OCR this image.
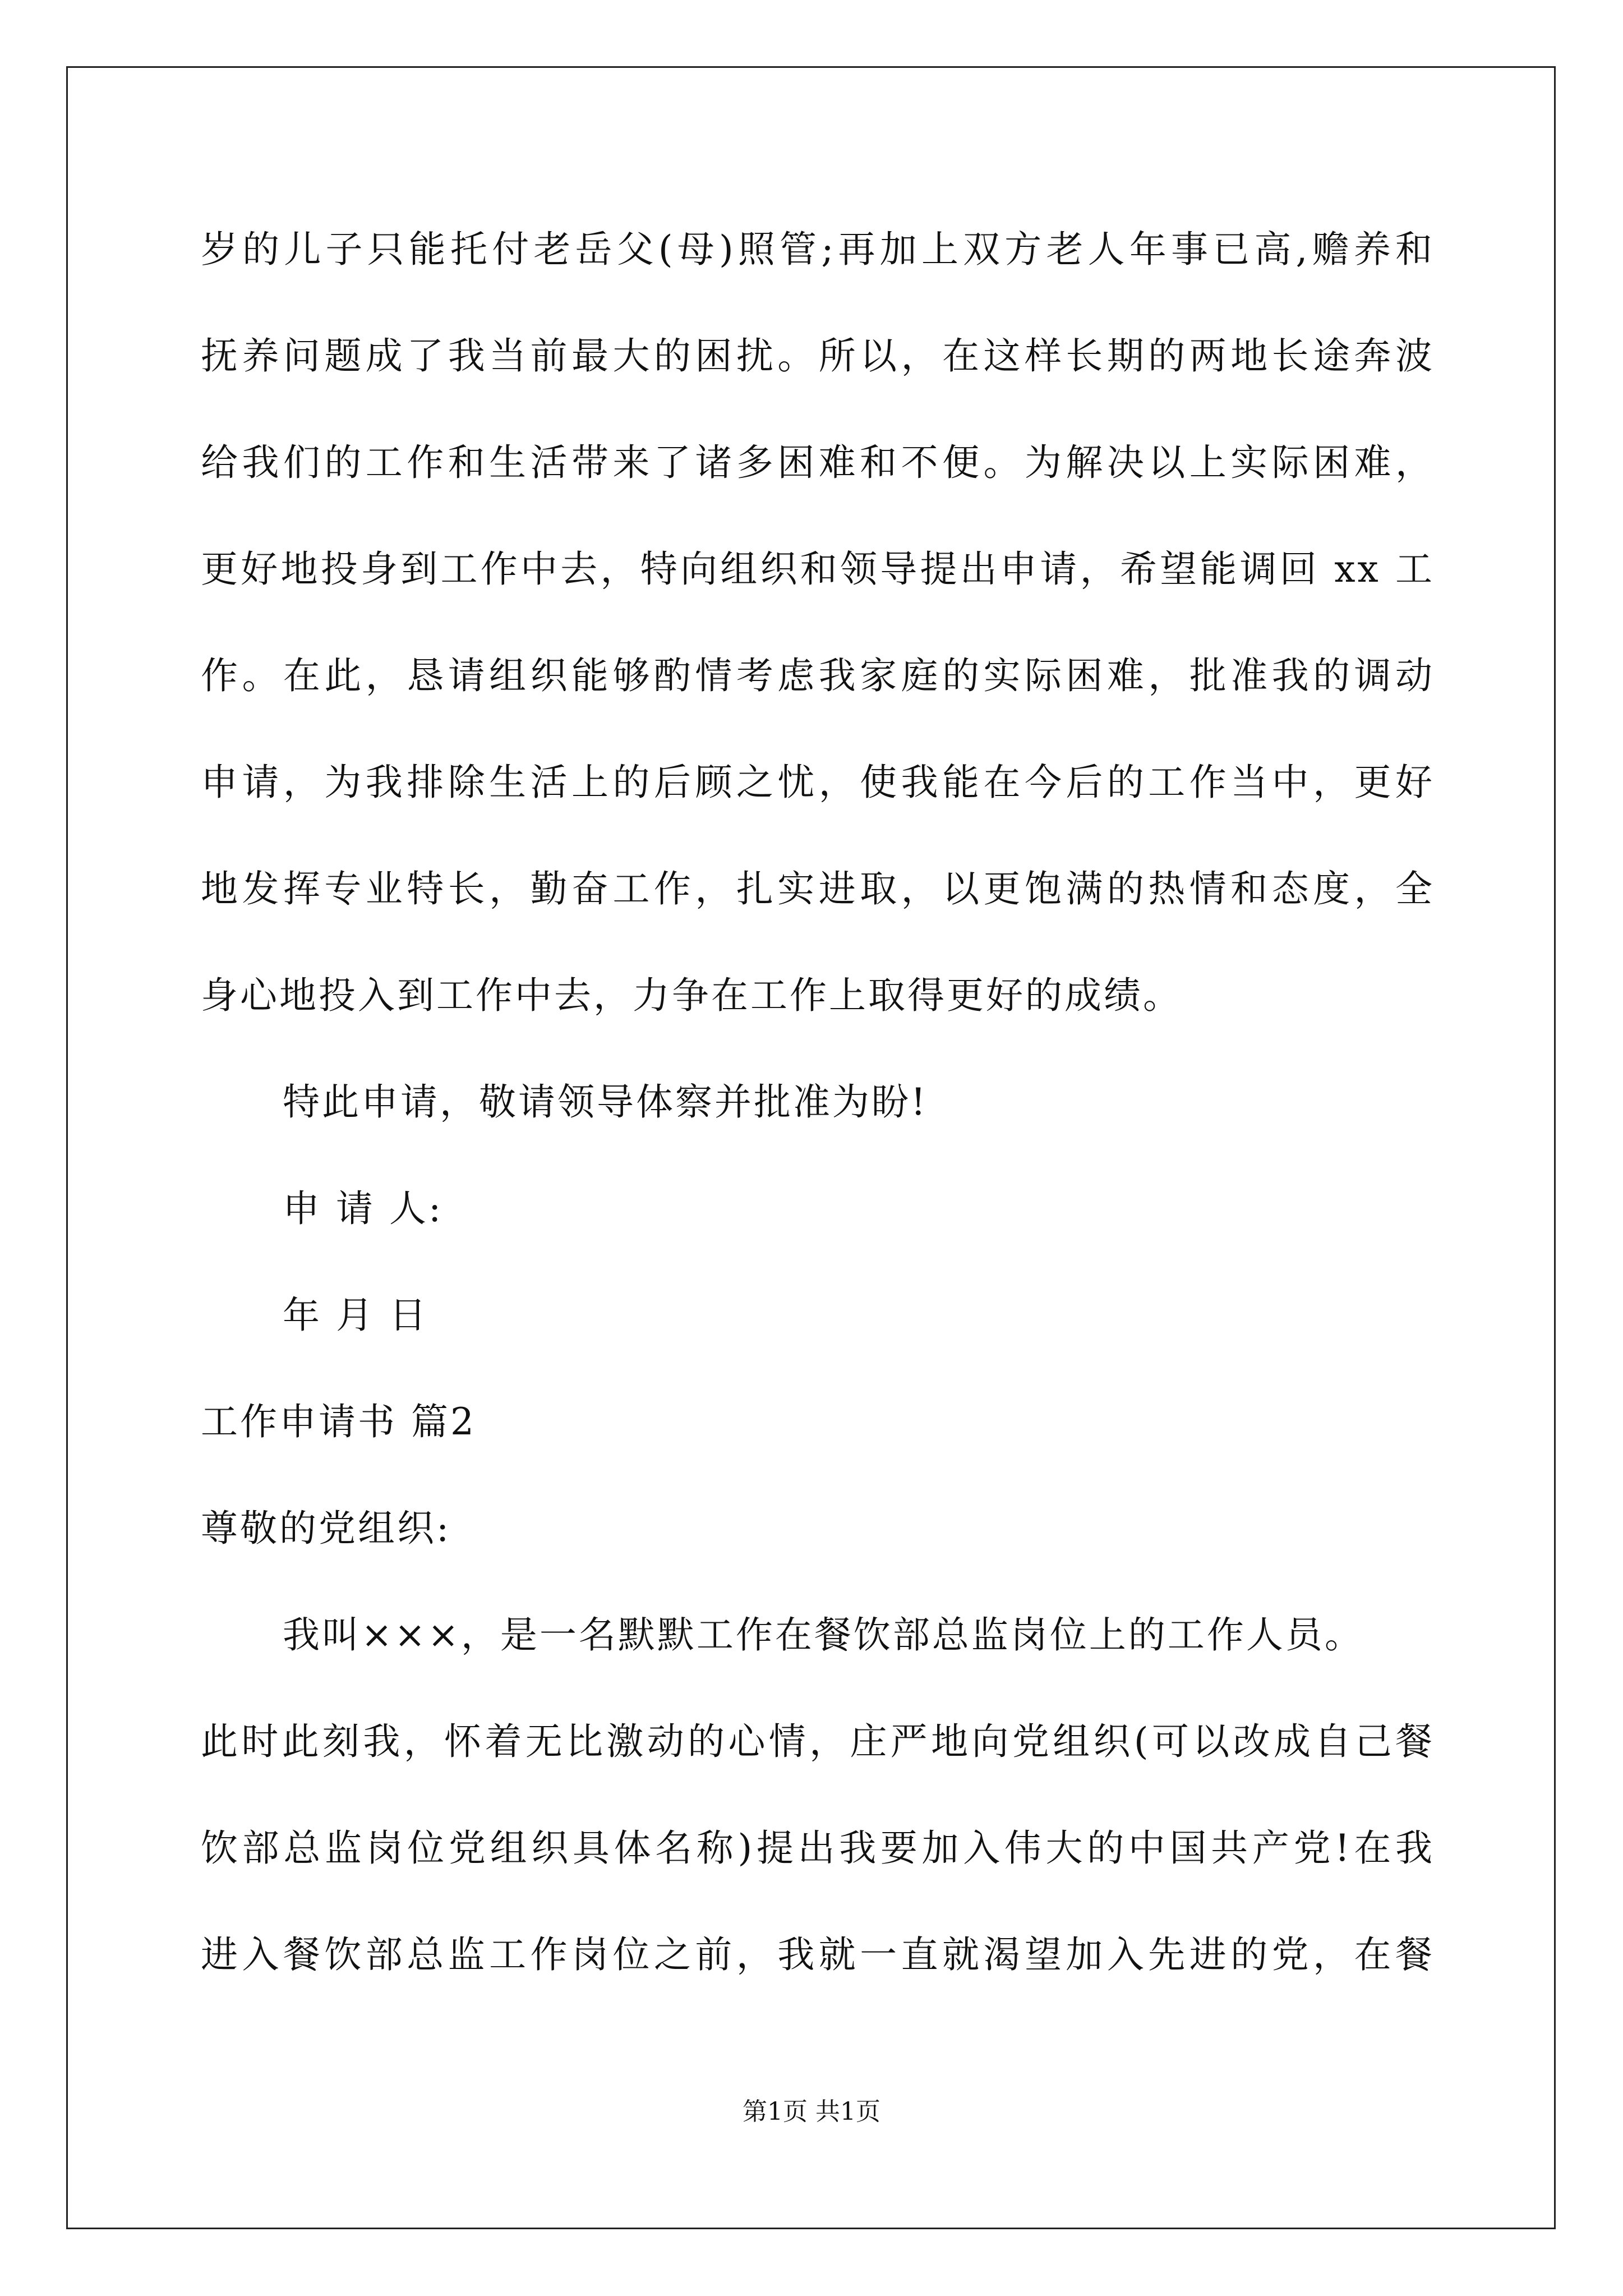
岁的儿子只能托付老岳父(母)照管;再加上双方老人年事已高,赡养和
抚养问题成了我当前最大的困扰。所以，在这样长期的两地长途奔波
给我们的工作和生活带来了诸多困难和不便。为解决以上实际困难，
更好地投身到工作中去，特向组织和领导提出申请，希望能调回 xx 工
作。在此，恳请组织能够酌情考虑我家庭的实际困难，批准我的调动
申请，为我排除生活上的后顾之忧，使我能在今后的工作当中，更好
地发挥专业特长，勤奋工作，扎实进取，以更饱满的热情和态度，全
身心地投入到工作中去，力争在工作上取得更好的成绩。
特此申请，敬请领导体察并批准为盼!
申 请 人:
年 月 日
工作申请书 篇2
尊敬的党组织:
我叫×××，是一名默默工作在餐饮部总监岗位上的工作人员。
此时此刻我，怀着无比激动的心情，庄严地向党组织(可以改成自己餐
饮部总监岗位党组织具体名称)提出我要加入伟大的中国共产党!在我
进入餐饮部总监工作岗位之前，我就一直就渴望加入先进的党，在餐
第1页 共1页
